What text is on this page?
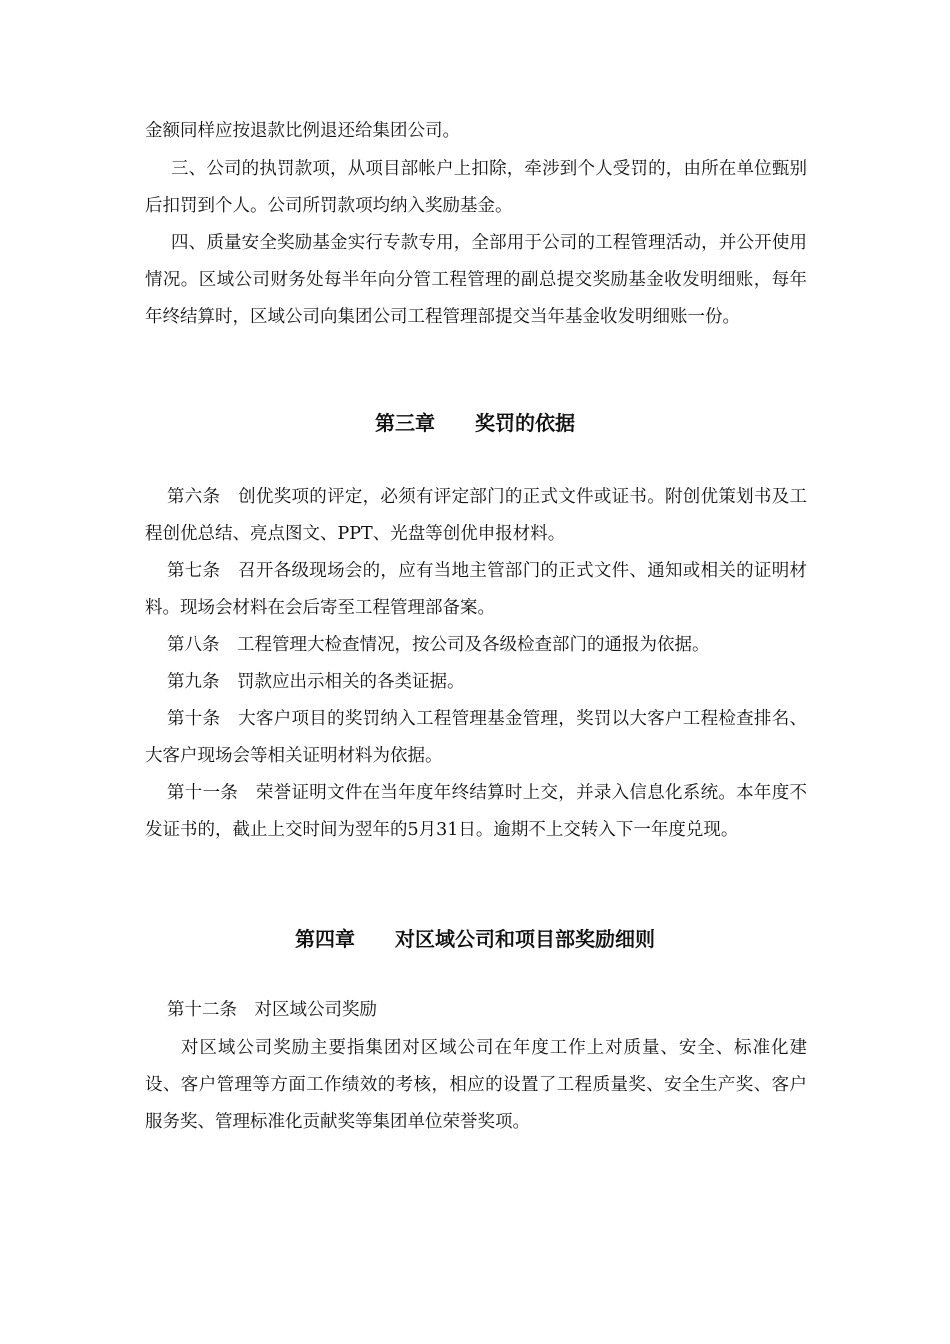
金额同样应按退款比例退还给集团公司。

三、公司的执罚款项，从项目部帐户上扣除，牵涉到个人受罚的，由所在单位甄别后扣罚到个人。公司所罚款项均纳入奖励基金。

四、质量安全奖励基金实行专款专用，全部用于公司的工程管理活动，并公开使用情况。区域公司财务处每半年向分管工程管理的副总提交奖励基金收发明细账，每年年终结算时，区域公司向集团公司工程管理部提交当年基金收发明细账一份。

第三章　　奖罚的依据

第六条　创优奖项的评定，必须有评定部门的正式文件或证书。附创优策划书及工程创优总结、亮点图文、PPT、光盘等创优申报材料。

第七条　召开各级现场会的，应有当地主管部门的正式文件、通知或相关的证明材料。现场会材料在会后寄至工程管理部备案。

第八条　工程管理大检查情况，按公司及各级检查部门的通报为依据。

第九条　罚款应出示相关的各类证据。

第十条　大客户项目的奖罚纳入工程管理基金管理，奖罚以大客户工程检查排名、大客户现场会等相关证明材料为依据。

第十一条　荣誉证明文件在当年度年终结算时上交，并录入信息化系统。本年度不发证书的，截止上交时间为翌年的5月31日。逾期不上交转入下一年度兑现。

第四章　　对区域公司和项目部奖励细则

第十二条　对区域公司奖励

对区域公司奖励主要指集团对区域公司在年度工作上对质量、安全、标准化建设、客户管理等方面工作绩效的考核，相应的设置了工程质量奖、安全生产奖、客户服务奖、管理标准化贡献奖等集团单位荣誉奖项。
